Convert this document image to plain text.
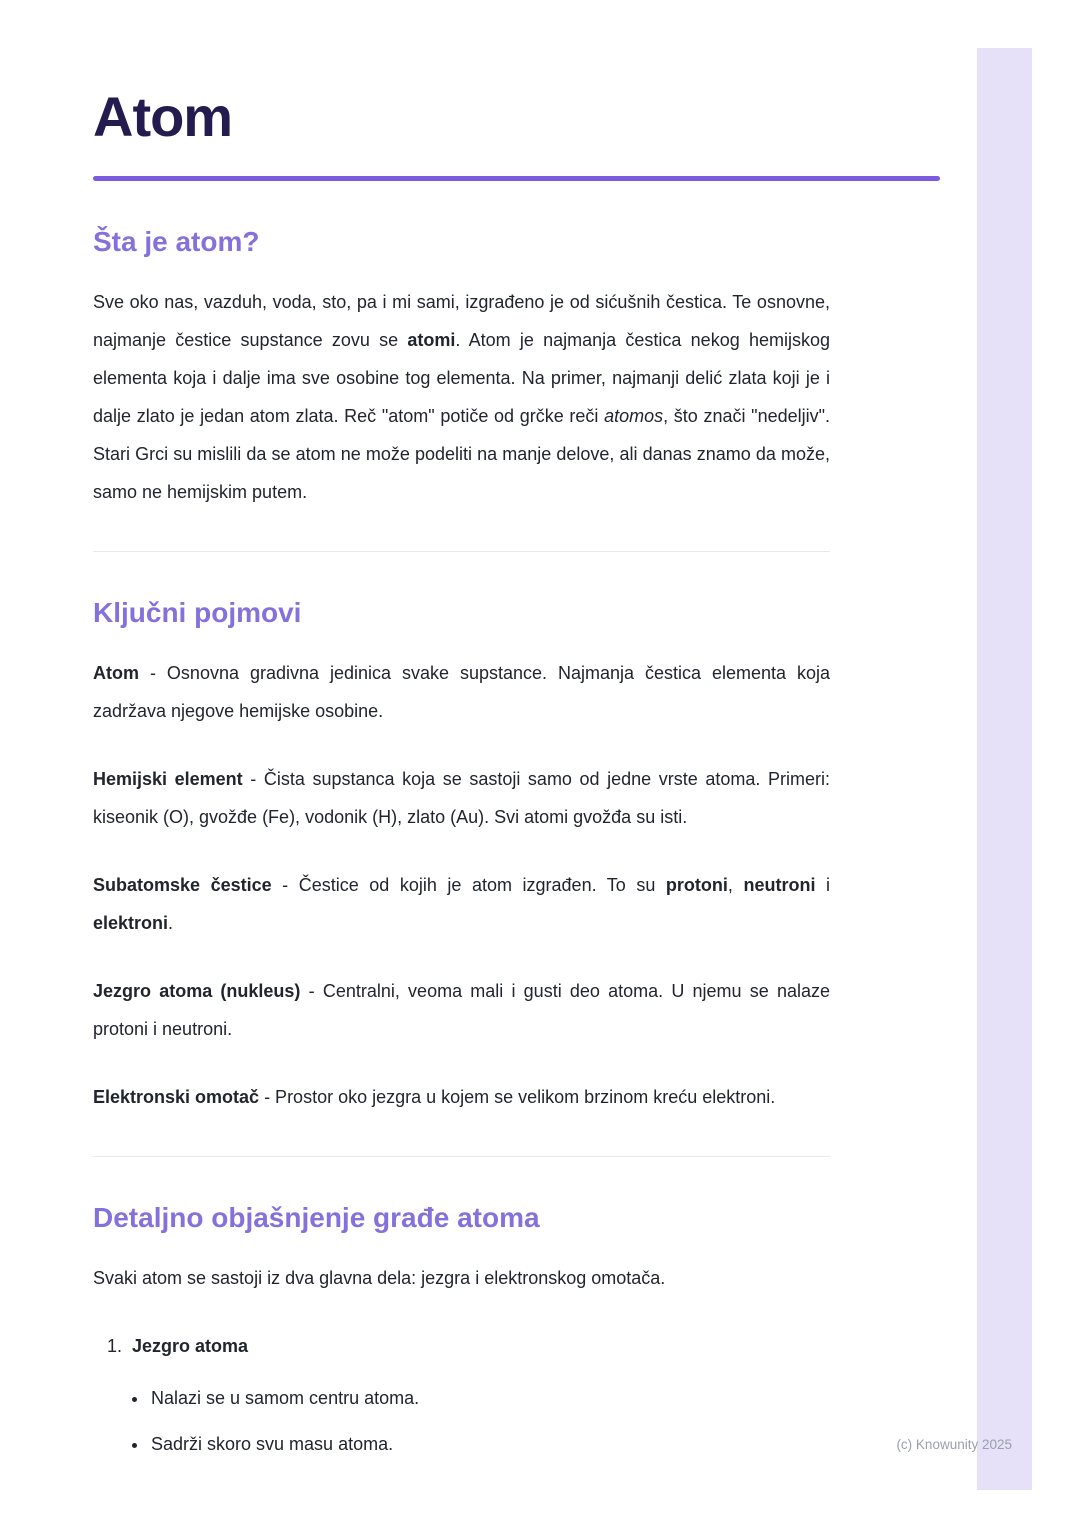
Atom
Šta je atom?

Sve oko nas, vazduh, voda, sto, pa i mi sami, izgrađeno je od sićušnih čestica. Te osnovne, najmanje čestice supstance zovu se atomi. Atom je najmanja čestica nekog hemijskog elementa koja i dalje ima sve osobine tog elementa. Na primer, najmanji delić zlata koji je i dalje zlato je jedan atom zlata. Reč "atom" potiče od grčke reči atomos, što znači "nedeljiv". Stari Grci su mislili da se atom ne može podeliti na manje delove, ali danas znamo da može, samo ne hemijskim putem.

Ključni pojmovi

Atom - Osnovna gradivna jedinica svake supstance. Najmanja čestica elementa koja zadržava njegove hemijske osobine.

Hemijski element - Čista supstanca koja se sastoji samo od jedne vrste atoma. Primeri: kiseonik (O), gvožđe (Fe), vodonik (H), zlato (Au). Svi atomi gvožđa su isti.

Subatomske čestice - Čestice od kojih je atom izgrađen. To su protoni, neutroni i elektroni.

Jezgro atoma (nukleus) - Centralni, veoma mali i gusti deo atoma. U njemu se nalaze protoni i neutroni.

Elektronski omotač - Prostor oko jezgra u kojem se velikom brzinom kreću elektroni.

Detaljno objašnjenje građe atoma

Svaki atom se sastoji iz dva glavna dela: jezgra i elektronskog omotača.

1. Jezgro atoma
• Nalazi se u samom centru atoma.
• Sadrži skoro svu masu atoma.	(c) Knowunity 2025
